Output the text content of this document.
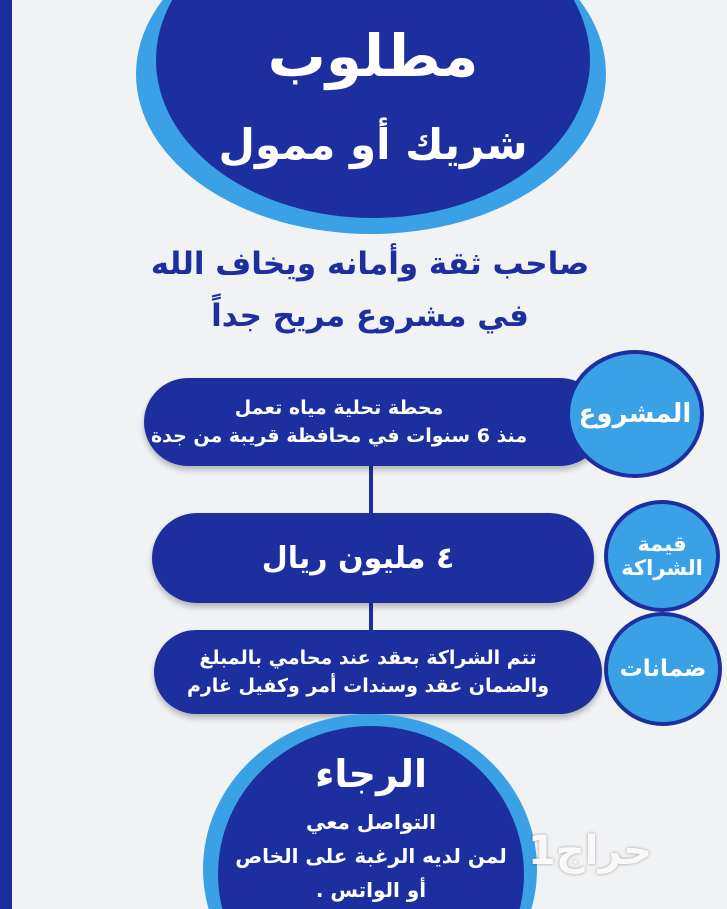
مطلوب
شريك أو ممول
صاحب ثقة وأمانه ويخاف الله
في مشروع مريح جداً
محطة تحلية مياه تعمل
منذ 6 سنوات في محافظة قريبة من جدة
المشروع
٤ مليون ريال	قيمة
الشراكة
تتم الشراكة بعقد عند محامي بالمبلغ
والضمان عقد وسندات أمر وكفيل غارم
ضمانات
الرجاء
التواصل معي
لمن لديه الرغبة على الخاص
أو الواتس .
حراج1
